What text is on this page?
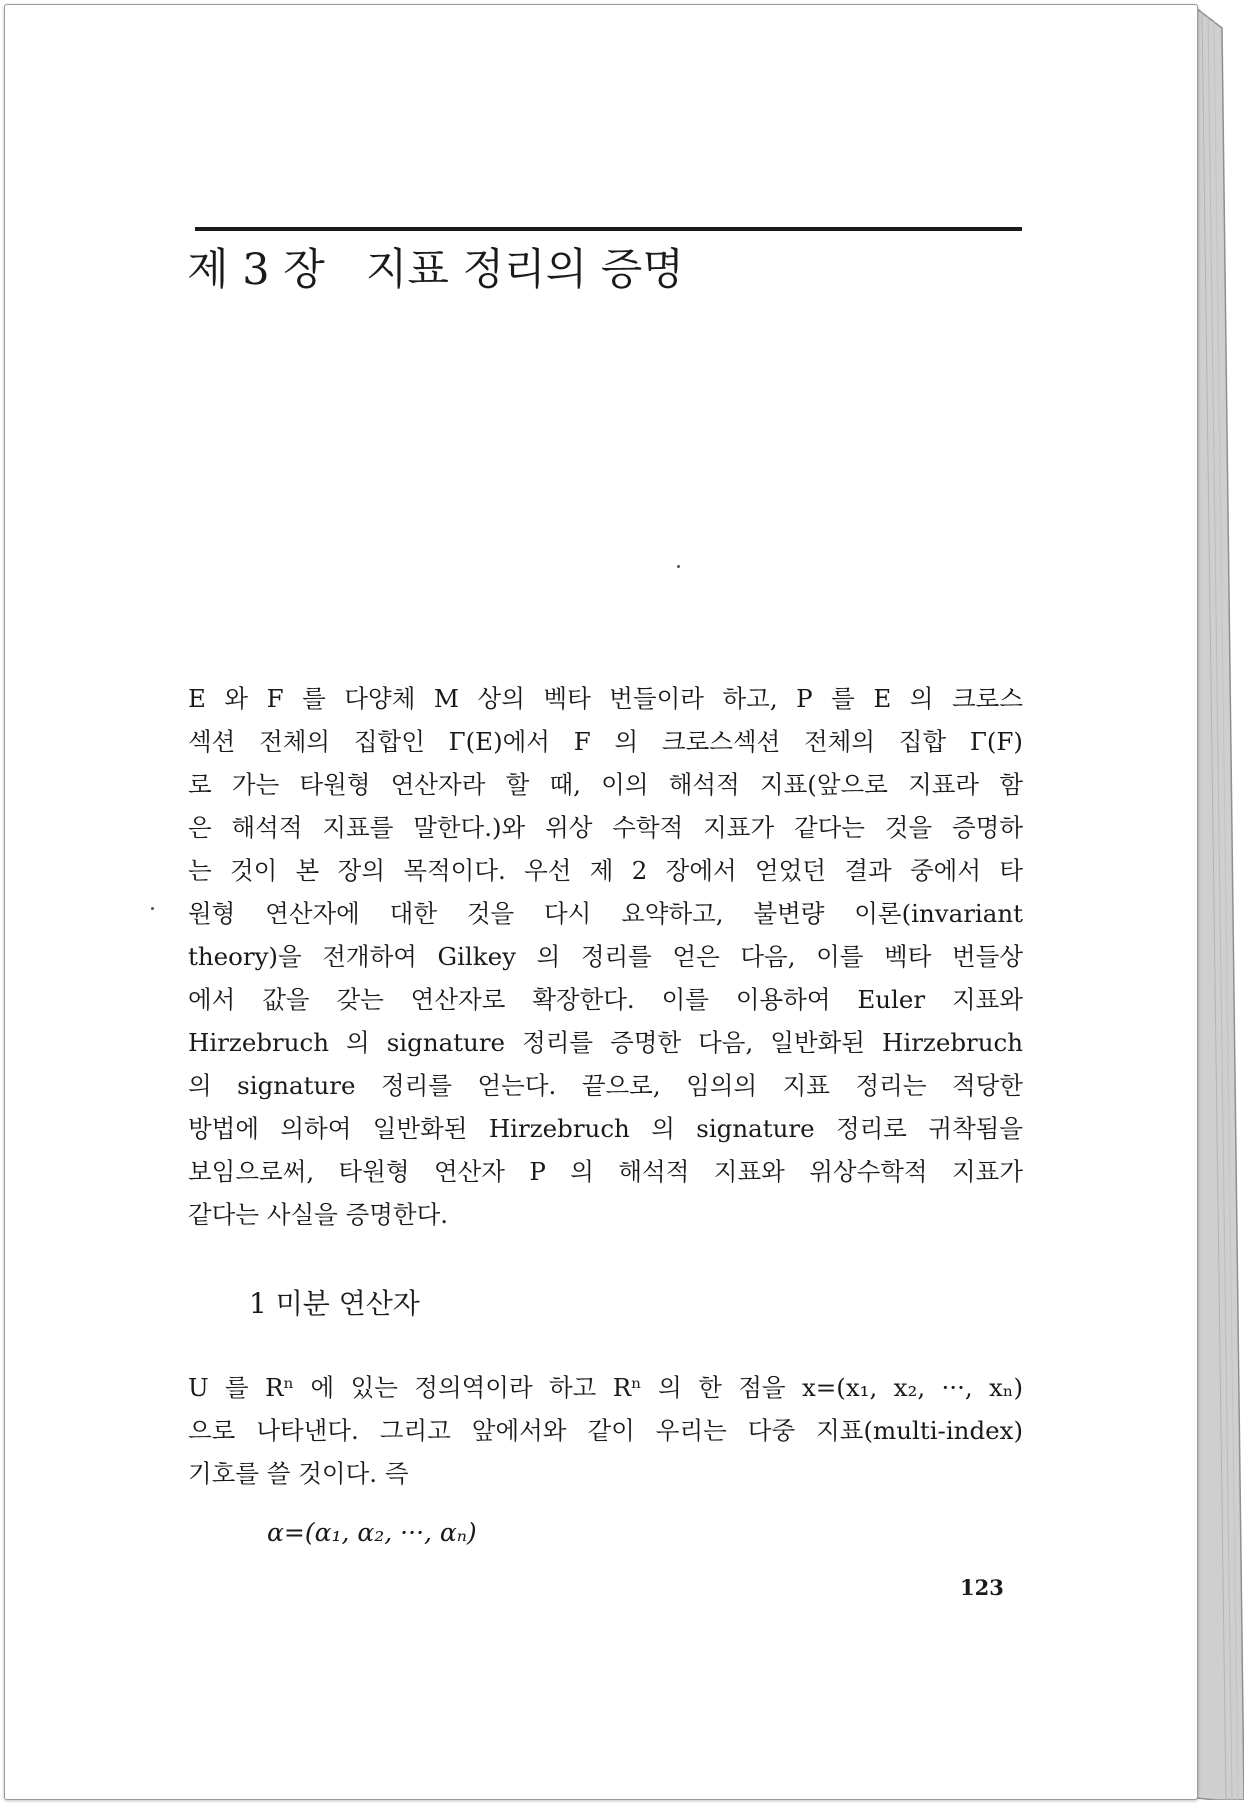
제 3 장   지표 정리의 증명
E 와 F 를 다양체 M 상의 벡타 번들이라 하고, P 를 E 의 크로스
섹션 전체의 집합인 Γ(E)에서 F 의 크로스섹션 전체의 집합 Γ(F)
로 가는 타원형 연산자라 할 때, 이의 해석적 지표(앞으로 지표라 함
은 해석적 지표를 말한다.)와 위상 수학적 지표가 같다는 것을 증명하
는 것이 본 장의 목적이다. 우선 제 2 장에서 얻었던 결과 중에서 타
원형 연산자에 대한 것을 다시 요약하고, 불변량 이론(invariant
theory)을 전개하여 Gilkey 의 정리를 얻은 다음, 이를 벡타 번들상
에서 값을 갖는 연산자로 확장한다. 이를 이용하여 Euler 지표와
Hirzebruch 의 signature 정리를 증명한 다음, 일반화된 Hirzebruch
의 signature 정리를 얻는다. 끝으로, 임의의 지표 정리는 적당한
방법에 의하여 일반화된 Hirzebruch 의 signature 정리로 귀착됨을
보임으로써, 타원형 연산자 P 의 해석적 지표와 위상수학적 지표가
같다는 사실을 증명한다.
1 미분 연산자
U 를 Rⁿ 에 있는 정의역이라 하고 Rⁿ 의 한 점을 x=(x₁, x₂, ···, xₙ)
으로 나타낸다. 그리고 앞에서와 같이 우리는 다중 지표(multi-index)
기호를 쓸 것이다. 즉
α=(α₁, α₂, ···, αₙ)
123
